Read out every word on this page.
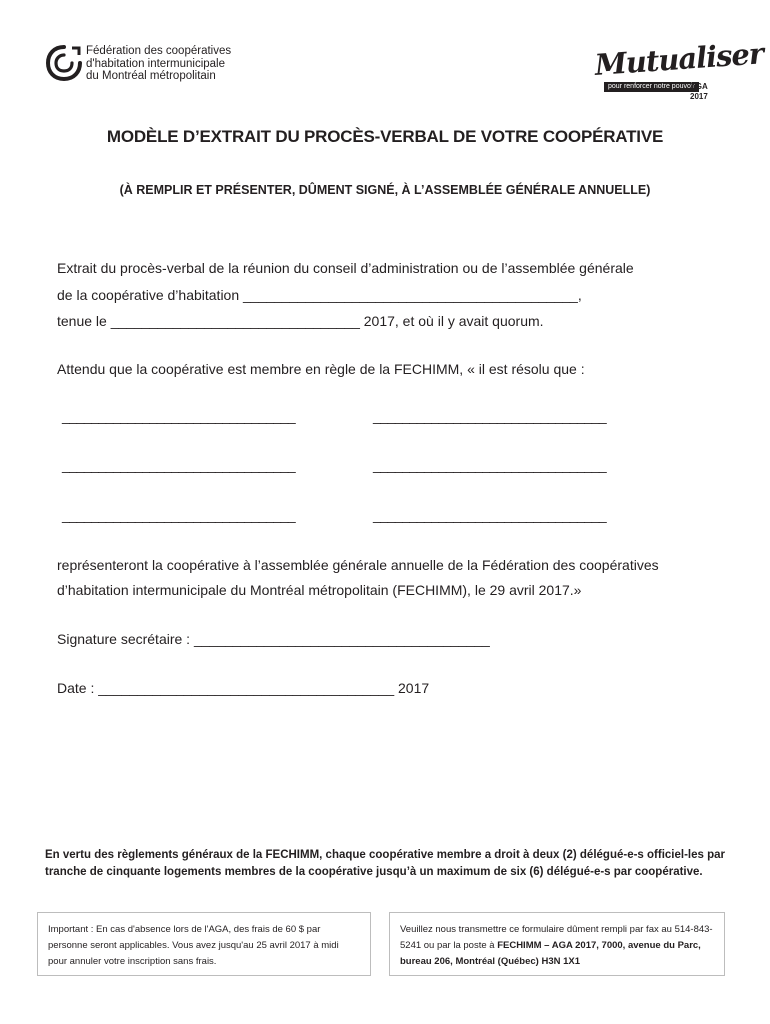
Fédération des coopératives
d'habitation intermunicipale
du Montréal métropolitain	Mutualiser
pour renforcer notre pouvoir
AGA 2017
MODÈLE D’EXTRAIT DU PROCÈS-VERBAL DE VOTRE COOPÉRATIVE
(À REMPLIR ET PRÉSENTER, DÛMENT SIGNÉ, À L’ASSEMBLÉE GÉNÉRALE ANNUELLE)
Extrait du procès-verbal de la réunion du conseil d’administration ou de l’assemblée générale
de la coopérative d’habitation ___________________________________________,
tenue le ________________________________ 2017, et où il y avait quorum.
Attendu que la coopérative est membre en règle de la FECHIMM, « il est résolu que :
________________________________	________________________________
________________________________	________________________________
________________________________	________________________________
représenteront la coopérative à l’assemblée générale annuelle de la Fédération des coopératives
d’habitation intermunicipale du Montréal métropolitain (FECHIMM), le 29 avril 2017.»
Signature secrétaire : ______________________________________
Date : ______________________________________ 2017
En vertu des règlements généraux de la FECHIMM, chaque coopérative membre a droit à deux (2) délégué-e-s officiel-les par tranche de cinquante logements membres de la coopérative jusqu’à un maximum de six (6) délégué-e-s par coopérative.
Important : En cas d'absence lors de l'AGA, des frais de 60 $ par personne seront applicables. Vous avez jusqu'au 25 avril 2017 à midi pour annuler votre inscription sans frais.
Veuillez nous transmettre ce formulaire dûment rempli par fax au 514-843-5241 ou par la poste à FECHIMM – AGA 2017, 7000, avenue du Parc, bureau 206, Montréal (Québec) H3N 1X1
